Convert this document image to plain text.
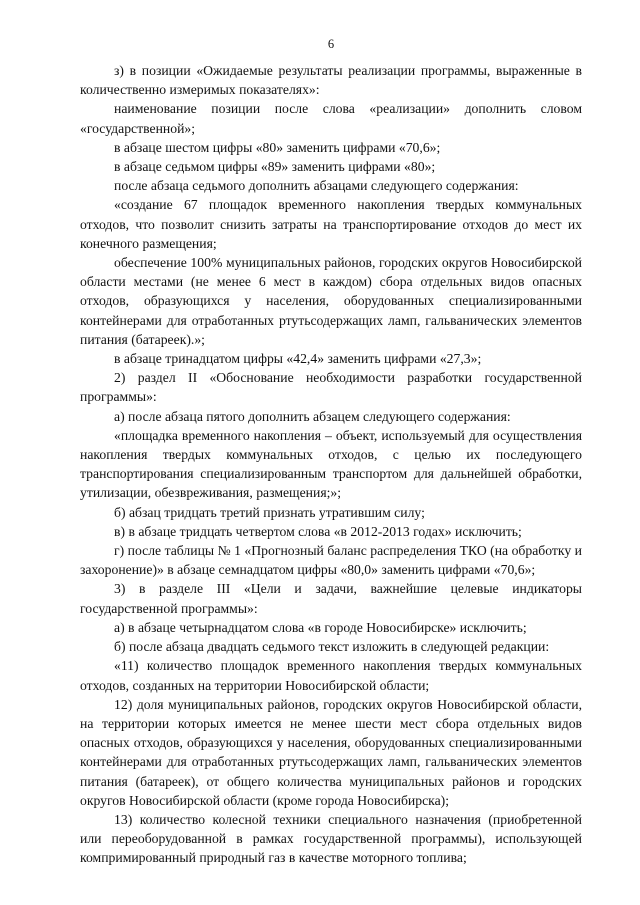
6

з) в позиции «Ожидаемые результаты реализации программы, выраженные в количественно измеримых показателях»:

наименование позиции после слова «реализации» дополнить словом «государственной»;

в абзаце шестом цифры «80» заменить цифрами «70,6»;

в абзаце седьмом цифры «89» заменить цифрами «80»;

после абзаца седьмого дополнить абзацами следующего содержания:

«создание 67 площадок временного накопления твердых коммунальных отходов, что позволит снизить затраты на транспортирование отходов до мест их конечного размещения;

обеспечение 100% муниципальных районов, городских округов Новосибирской области местами (не менее 6 мест в каждом) сбора отдельных видов опасных отходов, образующихся у населения, оборудованных специализированными контейнерами для отработанных ртутьсодержащих ламп, гальванических элементов питания (батареек).»;

в абзаце тринадцатом цифры «42,4» заменить цифрами «27,3»;

2) раздел II «Обоснование необходимости разработки государственной программы»:

а) после абзаца пятого дополнить абзацем следующего содержания:

«площадка временного накопления – объект, используемый для осуществления накопления твердых коммунальных отходов, с целью их последующего транспортирования специализированным транспортом для дальнейшей обработки, утилизации, обезвреживания, размещения;»;

б) абзац тридцать третий признать утратившим силу;

в) в абзаце тридцать четвертом слова «в 2012-2013 годах» исключить;

г) после таблицы № 1 «Прогнозный баланс распределения ТКО (на обработку и захоронение)» в абзаце семнадцатом цифры «80,0» заменить цифрами «70,6»;

3) в разделе III «Цели и задачи, важнейшие целевые индикаторы государственной программы»:

а) в абзаце четырнадцатом слова «в городе Новосибирске» исключить;

б) после абзаца двадцать седьмого текст изложить в следующей редакции:

«11) количество площадок временного накопления твердых коммунальных отходов, созданных на территории Новосибирской области;

12) доля муниципальных районов, городских округов Новосибирской области, на территории которых имеется не менее шести мест сбора отдельных видов опасных отходов, образующихся у населения, оборудованных специализированными контейнерами для отработанных ртутьсодержащих ламп, гальванических элементов питания (батареек), от общего количества муниципальных районов и городских округов Новосибирской области (кроме города Новосибирска);

13) количество колесной техники специального назначения (приобретенной или переоборудованной в рамках государственной программы), использующей компримированный природный газ в качестве моторного топлива;
